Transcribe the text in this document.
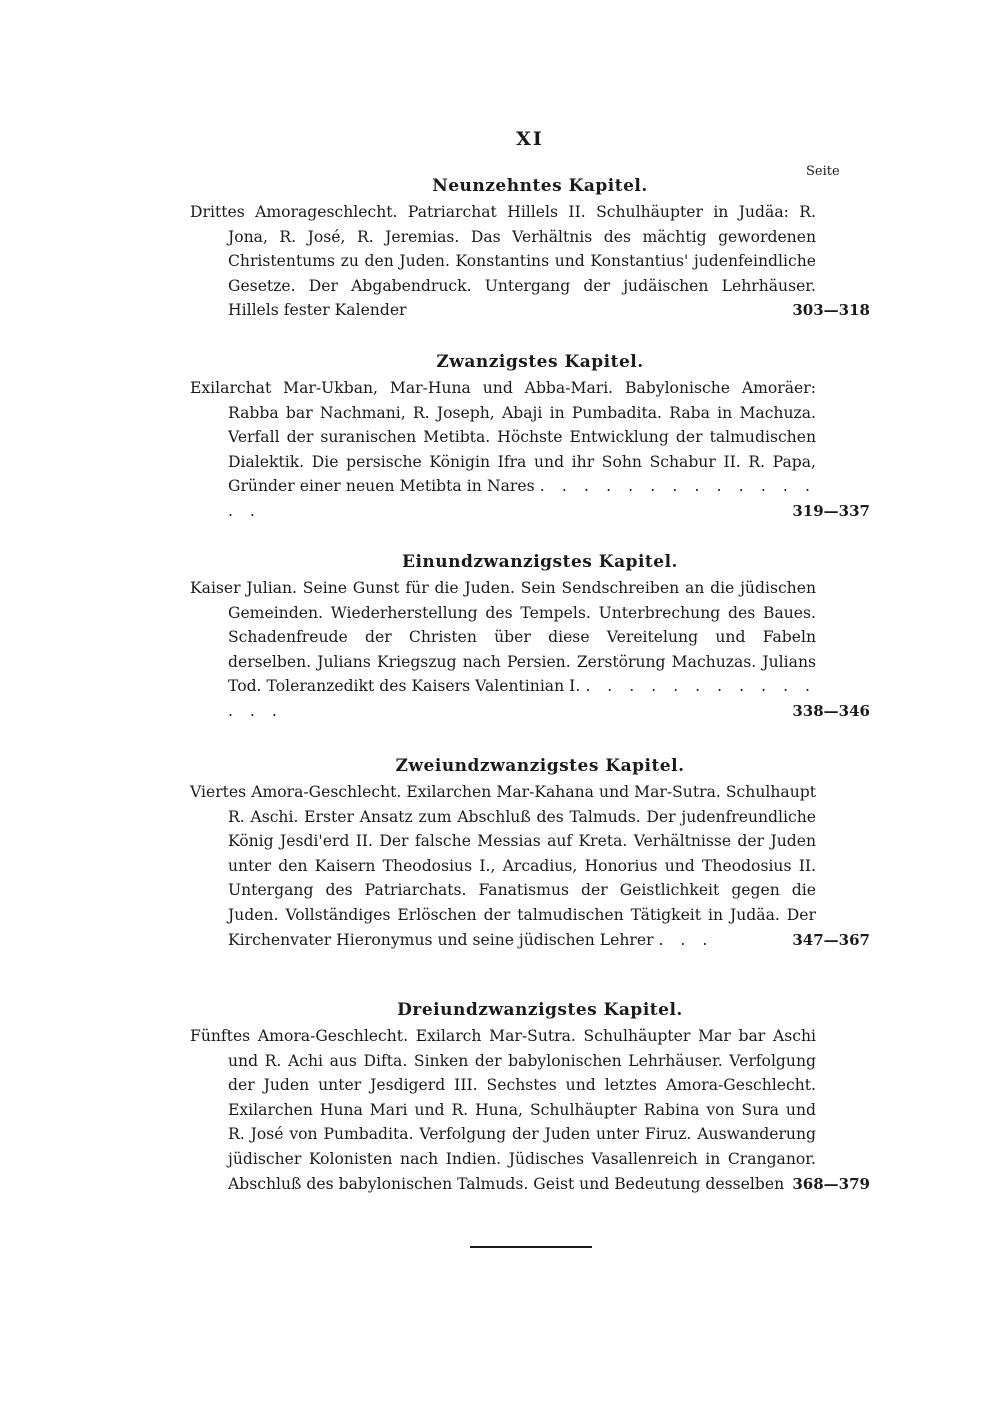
XI
Seite
Neunzehntes Kapitel.
Drittes Amorageschlecht. Patriarchat Hillels II. Schulhäupter in Judäa: R. Jona, R. José, R. Jeremias. Das Verhältnis des mächtig gewordenen Christentums zu den Juden. Konstantins und Konstantius' judenfeindliche Gesetze. Der Abgabendruck. Untergang der judäischen Lehrhäuser. Hillels fester Kalender	303—318
Zwanzigstes Kapitel.
Exilarchat Mar-Ukban, Mar-Huna und Abba-Mari. Babylonische Amoräer: Rabba bar Nachmani, R. Joseph, Abaji in Pumbadita. Raba in Machuza. Verfall der suranischen Metibta. Höchste Entwicklung der talmudischen Dialektik. Die persische Königin Ifra und ihr Sohn Schabur II. R. Papa, Gründer einer neuen Metibta in Nares . . . . . . . . . . . . . . .	319—337
Einundzwanzigstes Kapitel.
Kaiser Julian. Seine Gunst für die Juden. Sein Sendschreiben an die jüdischen Gemeinden. Wiederherstellung des Tempels. Unterbrechung des Baues. Schadenfreude der Christen über diese Vereitelung und Fabeln derselben. Julians Kriegszug nach Persien. Zerstörung Machuzas. Julians Tod. Toleranzedikt des Kaisers Valentinian I. . . . . . . . . . . . . . .	338—346
Zweiundzwanzigstes Kapitel.
Viertes Amora-Geschlecht. Exilarchen Mar-Kahana und Mar-Sutra. Schulhaupt R. Aschi. Erster Ansatz zum Abschluß des Talmuds. Der judenfreundliche König Jesdi'erd II. Der falsche Messias auf Kreta. Verhältnisse der Juden unter den Kaisern Theodosius I., Arcadius, Honorius und Theodosius II. Untergang des Patriarchats. Fanatismus der Geistlichkeit gegen die Juden. Vollständiges Erlöschen der talmudischen Tätigkeit in Judäa. Der Kirchenvater Hieronymus und seine jüdischen Lehrer . . .	347—367
Dreiundzwanzigstes Kapitel.
Fünftes Amora-Geschlecht. Exilarch Mar-Sutra. Schulhäupter Mar bar Aschi und R. Achi aus Difta. Sinken der babylonischen Lehrhäuser. Verfolgung der Juden unter Jesdigerd III. Sechstes und letztes Amora-Geschlecht. Exilarchen Huna Mari und R. Huna, Schulhäupter Rabina von Sura und R. José von Pumbadita. Verfolgung der Juden unter Firuz. Auswanderung jüdischer Kolonisten nach Indien. Jüdisches Vasallenreich in Cranganor. Abschluß des babylonischen Talmuds. Geist und Bedeutung desselben 368—379
